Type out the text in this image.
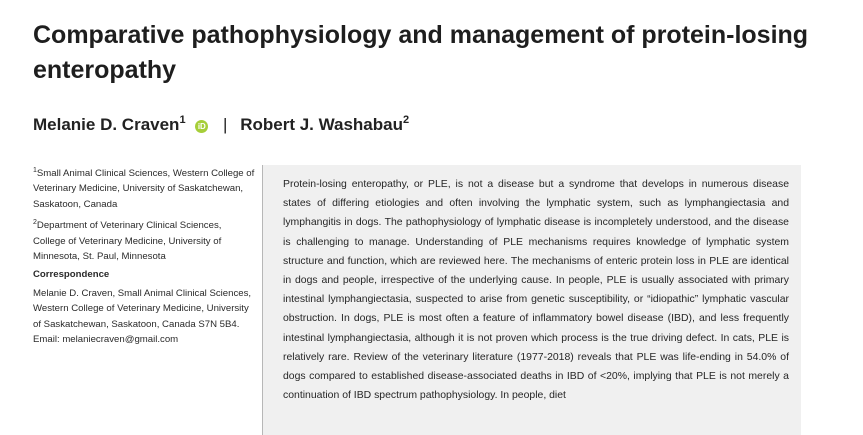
Comparative pathophysiology and management of protein-losing enteropathy
Melanie D. Craven$^1$ iD | Robert J. Washabau$^2$

$^1$Small Animal Clinical Sciences, Western College of Veterinary Medicine, University of Saskatchewan, Saskatoon, Canada

$^2$Department of Veterinary Clinical Sciences, College of Veterinary Medicine, University of Minnesota, St. Paul, Minnesota

Correspondence

Melanie D. Craven, Small Animal Clinical Sciences, Western College of Veterinary Medicine, University of Saskatchewan, Saskatoon, Canada S7N 5B4.

Email: melaniecraven@gmail.com

Protein-losing enteropathy, or PLE, is not a disease but a syndrome that develops in numerous disease states of differing etiologies and often involving the lymphatic system, such as lymphangiectasia and lymphangitis in dogs. The pathophysiology of lymphatic disease is incompletely understood, and the disease is challenging to manage. Understanding of PLE mechanisms requires knowledge of lymphatic system structure and function, which are reviewed here. The mechanisms of enteric protein loss in PLE are identical in dogs and people, irrespective of the underlying cause. In people, PLE is usually associated with primary intestinal lymphangiectasia, suspected to arise from genetic susceptibility, or “idiopathic” lymphatic vascular obstruction. In dogs, PLE is most often a feature of inflammatory bowel disease (IBD), and less frequently intestinal lymphangiectasia, although it is not proven which process is the true driving defect. In cats, PLE is relatively rare. Review of the veterinary literature (1977-2018) reveals that PLE was life-ending in 54.0% of dogs compared to established disease-associated deaths in IBD of <20%, implying that PLE is not merely a continuation of IBD spectrum pathophysiology. In people, diet
